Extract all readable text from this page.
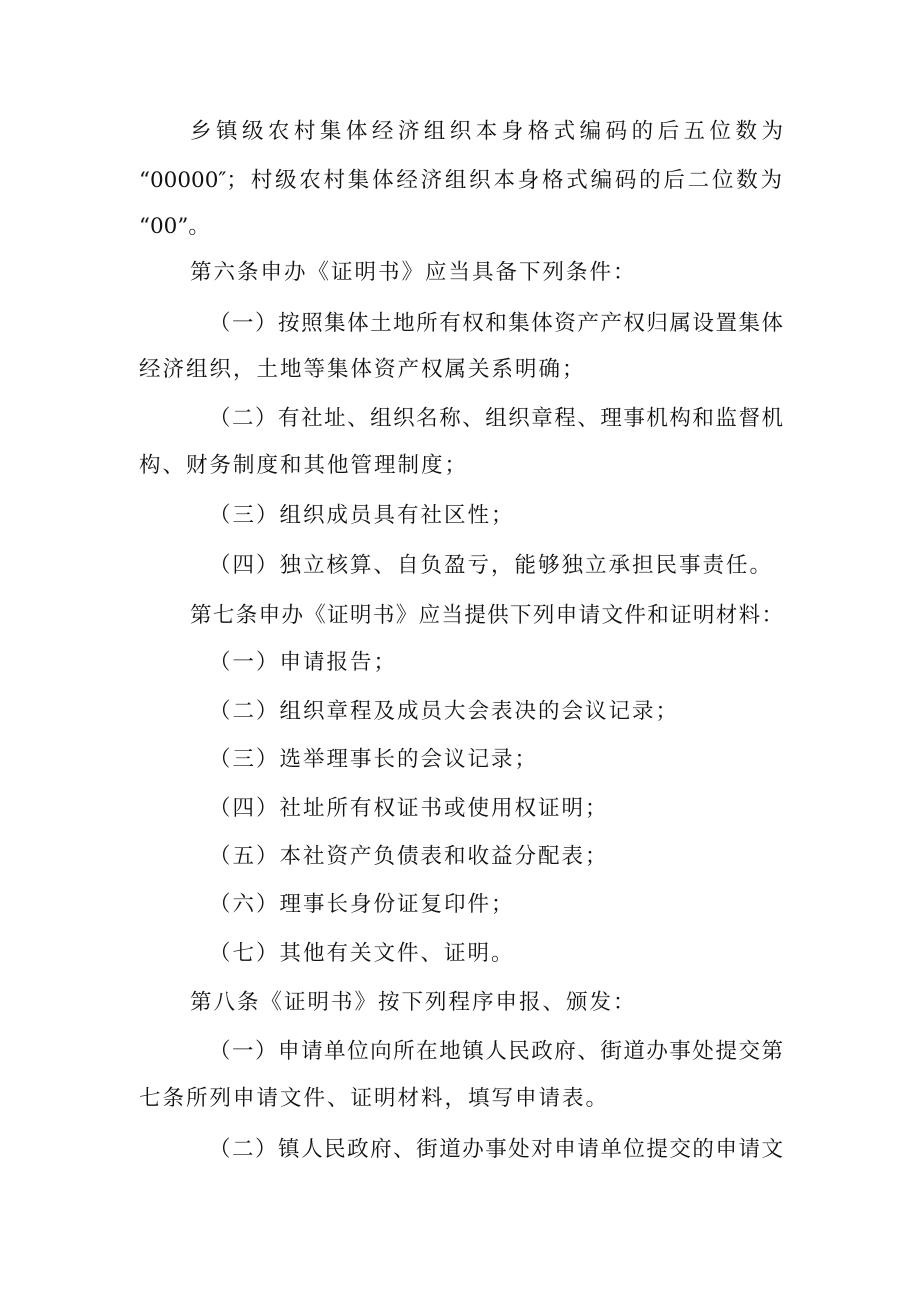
乡镇级农村集体经济组织本身格式编码的后五位数为
“00000″；村级农村集体经济组织本身格式编码的后二位数为
“00”。
第六条申办《证明书》应当具备下列条件：
（一）按照集体土地所有权和集体资产产权归属设置集体
经济组织，土地等集体资产权属关系明确；
（二）有社址、组织名称、组织章程、理事机构和监督机
构、财务制度和其他管理制度；
（三）组织成员具有社区性；
（四）独立核算、自负盈亏，能够独立承担民事责任。
第七条申办《证明书》应当提供下列申请文件和证明材料：
（一）申请报告；
（二）组织章程及成员大会表决的会议记录；
（三）选举理事长的会议记录；
（四）社址所有权证书或使用权证明；
（五）本社资产负债表和收益分配表；
（六）理事长身份证复印件；
（七）其他有关文件、证明。
第八条《证明书》按下列程序申报、颁发：
（一）申请单位向所在地镇人民政府、街道办事处提交第
七条所列申请文件、证明材料，填写申请表。
（二）镇人民政府、街道办事处对申请单位提交的申请文
